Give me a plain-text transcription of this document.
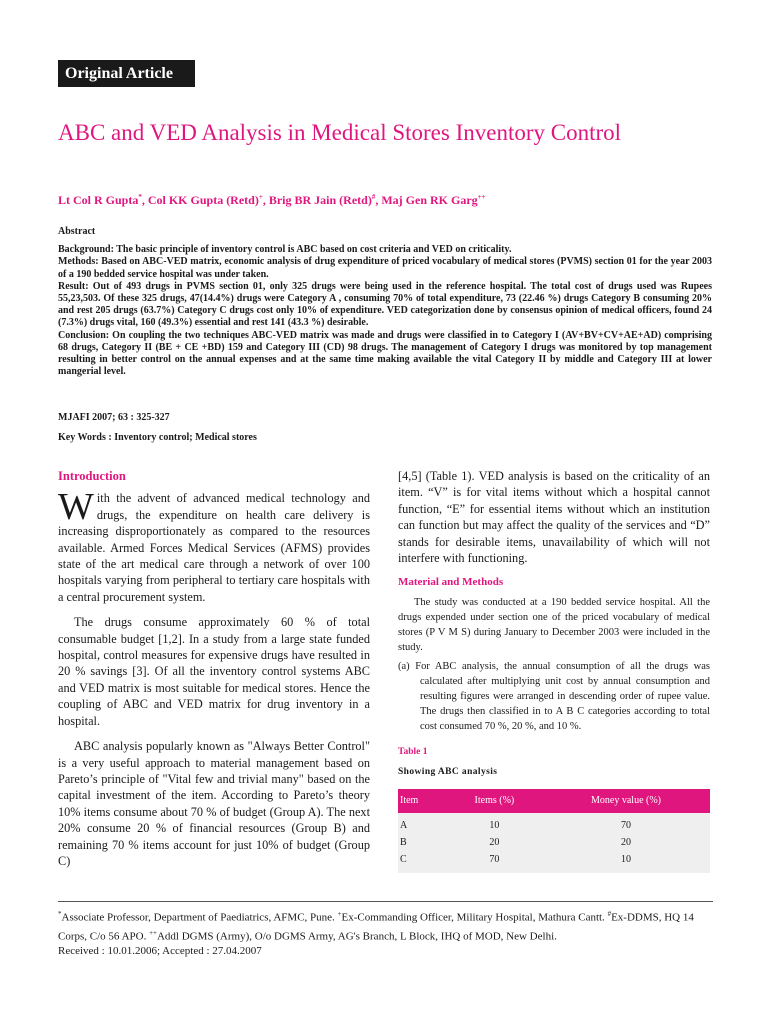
Original Article
ABC and VED Analysis in Medical Stores Inventory Control
Lt Col R Gupta*, Col KK Gupta (Retd)+, Brig BR Jain (Retd)#, Maj Gen RK Garg++
Abstract

Background: The basic principle of inventory control is ABC based on cost criteria and VED on criticality.

Methods: Based on ABC-VED matrix, economic analysis of drug expenditure of priced vocabulary of medical stores (PVMS) section 01 for the year 2003 of a 190 bedded service hospital was under taken.

Result: Out of 493 drugs in PVMS section 01, only 325 drugs were being used in the reference hospital. The total cost of drugs used was Rupees 55,23,503. Of these 325 drugs, 47(14.4%) drugs were Category A , consuming 70% of total expenditure, 73 (22.46 %) drugs Category B consuming 20% and rest 205 drugs (63.7%) Category C drugs cost only 10% of expenditure. VED categorization done by consensus opinion of medical officers, found 24 (7.3%) drugs vital, 160 (49.3%) essential and rest 141 (43.3 %) desirable.

Conclusion: On coupling the two techniques ABC-VED matrix was made and drugs were classified in to Category I (AV+BV+CV+AE+AD) comprising 68 drugs, Category II (BE + CE +BD) 159 and Category III (CD) 98 drugs. The management of Category I drugs was monitored by top management resulting in better control on the annual expenses and at the same time making available the vital Category II by middle and Category III at lower mangerial level.

MJAFI 2007; 63 : 325-327
Key Words : Inventory control; Medical stores
Introduction

With the advent of advanced medical technology and drugs, the expenditure on health care delivery is increasing disproportionately as compared to the resources available. Armed Forces Medical Services (AFMS) provides state of the art medical care through a network of over 100 hospitals varying from peripheral to tertiary care hospitals with a central procurement system.

The drugs consume approximately 60 % of total consumable budget [1,2]. In a study from a large state funded hospital, control measures for expensive drugs have resulted in 20 % savings [3]. Of all the inventory control systems ABC and VED matrix is most suitable for medical stores. Hence the coupling of ABC and VED matrix for drug inventory in a hospital.

ABC analysis popularly known as "Always Better Control" is a very useful approach to material management based on Pareto’s principle of "Vital few and trivial many" based on the capital investment of the item. According to Pareto’s theory 10% items consume about 70 % of budget (Group A). The next 20% consume 20 % of financial resources (Group B) and remaining 70 % items account for just 10% of budget (Group C)

[4,5] (Table 1). VED analysis is based on the criticality of an item. “V” is for vital items without which a hospital cannot function, “E” for essential items without which an institution can function but may affect the quality of the services and “D” stands for desirable items, unavailability of which will not interfere with functioning.

Material and Methods
The study was conducted at a 190 bedded service hospital. All the drugs expended under section one of the priced vocabulary of medical stores (P V M S) during January to December 2003 were included in the study.
(a) For ABC analysis, the annual consumption of all the drugs was calculated after multiplying unit cost by annual consumption and resulting figures were arranged in descending order of rupee value. The drugs then classified in to A B C categories according to total cost consumed 70 %, 20 %, and 10 %.
Table 1
Showing ABC analysis
Item	Items (%)	Money value (%)
A	10	70
B	20	20
C	70	10
*Associate Professor, Department of Paediatrics, AFMC, Pune. +Ex-Commanding Officer, Military Hospital, Mathura Cantt. #Ex-DDMS, HQ 14 Corps, C/o 56 APO. ++Addl DGMS (Army), O/o DGMS Army, AG's Branch, L Block, IHQ of MOD, New Delhi.
Received : 10.01.2006; Accepted : 27.04.2007
